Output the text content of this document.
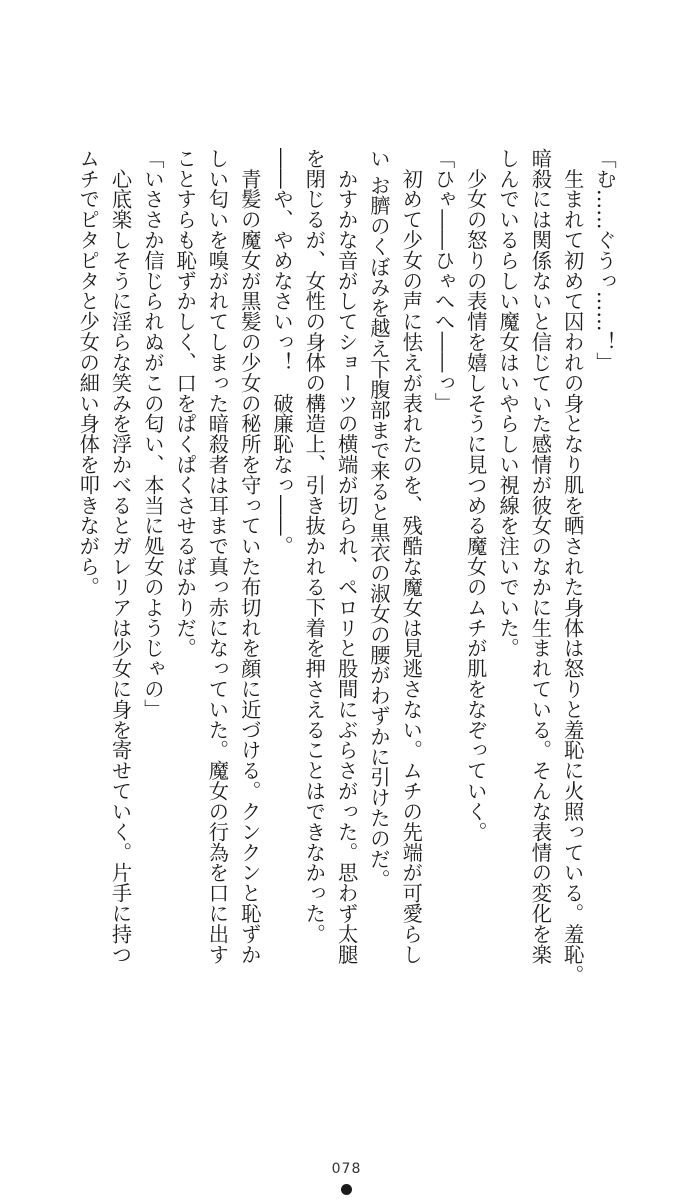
「む……ぐうっ……！」
　生まれて初めて囚われの身となり肌を晒された身体は怒りと羞恥に火照っている。羞恥。
暗殺には関係ないと信じていた感情が彼女のなかに生まれている。そんな表情の変化を楽
しんでいるらしい魔女はいやらしい視線を注いでいた。
　少女の怒りの表情を嬉しそうに見つめる魔女のムチが肌をなぞっていく。
「ひゃ――ひゃへへ――っ」
　初めて少女の声に怯えが表れたのを、残酷な魔女は見逃さない。ムチの先端が可愛らし
い お臍のくぼみを越え下腹部まで来ると黒衣の淑女の腰がわずかに引けたのだ。
　かすかな音がしてショーツの横端が切られ、ペロリと股間にぶらさがった。思わず太腿
を閉じるが、女性の身体の構造上、引き抜かれる下着を押さえることはできなかった。
――や、やめなさいっ！　破廉恥なっ――。
　青髪の魔女が黒髪の少女の秘所を守っていた布切れを顔に近づける。クンクンと恥ずか
しい匂いを嗅がれてしまった暗殺者は耳まで真っ赤になっていた。魔女の行為を口に出す
ことすらも恥ずかしく、口をぱくぱくさせるばかりだ。
「いささか信じられぬがこの匂い、本当に処女のようじゃの」
　心底楽しそうに淫らな笑みを浮かべるとガレリアは少女に身を寄せていく。片手に持つ
ムチでピタピタと少女の細い身体を叩きながら。
078
